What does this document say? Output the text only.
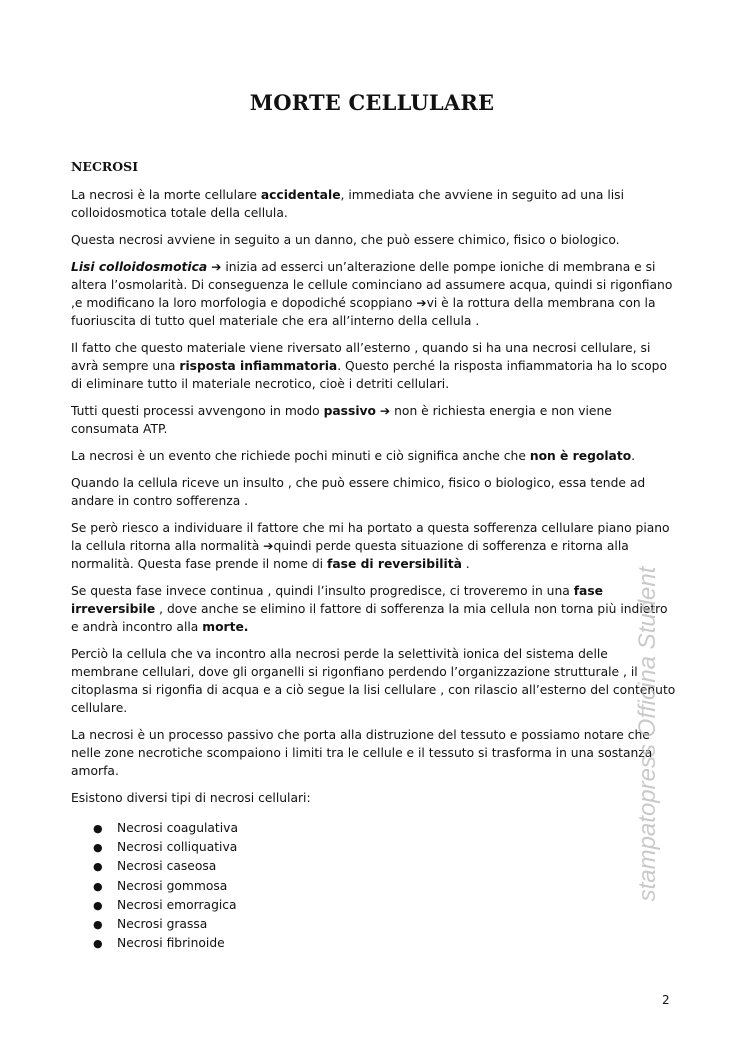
MORTE CELLULARE
NECROSI

La necrosi è la morte cellulare accidentale, immediata che avviene in seguito ad una lisi colloidosmotica totale della cellula.

Questa necrosi avviene in seguito a un danno, che può essere chimico, fisico o biologico.

Lisi colloidosmotica ➔ inizia ad esserci un’alterazione delle pompe ioniche di membrana e si altera l’osmolarità. Di conseguenza le cellule cominciano ad assumere acqua, quindi si rigonfiano ,e modificano la loro morfologia e dopodiché scoppiano ➔vi è la rottura della membrana con la fuoriuscita di tutto quel materiale che era all’interno della cellula .

Il fatto che questo materiale viene riversato all’esterno , quando si ha una necrosi cellulare, si avrà sempre una risposta infiammatoria. Questo perché la risposta infiammatoria ha lo scopo di eliminare tutto il materiale necrotico, cioè i detriti cellulari.

Tutti questi processi avvengono in modo passivo ➔ non è richiesta energia e non viene consumata ATP.

La necrosi è un evento che richiede pochi minuti e ciò significa anche che non è regolato.

Quando la cellula riceve un insulto , che può essere chimico, fisico o biologico, essa tende ad andare in contro sofferenza .

Se però riesco a individuare il fattore che mi ha portato a questa sofferenza cellulare piano piano la cellula ritorna alla normalità ➔quindi perde questa situazione di sofferenza e ritorna alla normalità. Questa fase prende il nome di fase di reversibilità .

Se questa fase invece continua , quindi l’insulto progredisce, ci troveremo in una fase irreversibile , dove anche se elimino il fattore di sofferenza la mia cellula non torna più indietro e andrà incontro alla morte.

Perciò la cellula che va incontro alla necrosi perde la selettività ionica del sistema delle membrane cellulari, dove gli organelli si rigonfiano perdendo l’organizzazione strutturale , il citoplasma si rigonfia di acqua e a ciò segue la lisi cellulare , con rilascio all’esterno del contenuto cellulare.

La necrosi è un processo passivo che porta alla distruzione del tessuto e possiamo notare che nelle zone necrotiche scompaiono i limiti tra le cellule e il tessuto si trasforma in una sostanza amorfa.

Esistono diversi tipi di necrosi cellulari:

● Necrosi coagulativa
● Necrosi colliquativa
● Necrosi caseosa
● Necrosi gommosa
● Necrosi emorragica
● Necrosi grassa
● Necrosi fibrinoide
stampatopress Officina Student
2
